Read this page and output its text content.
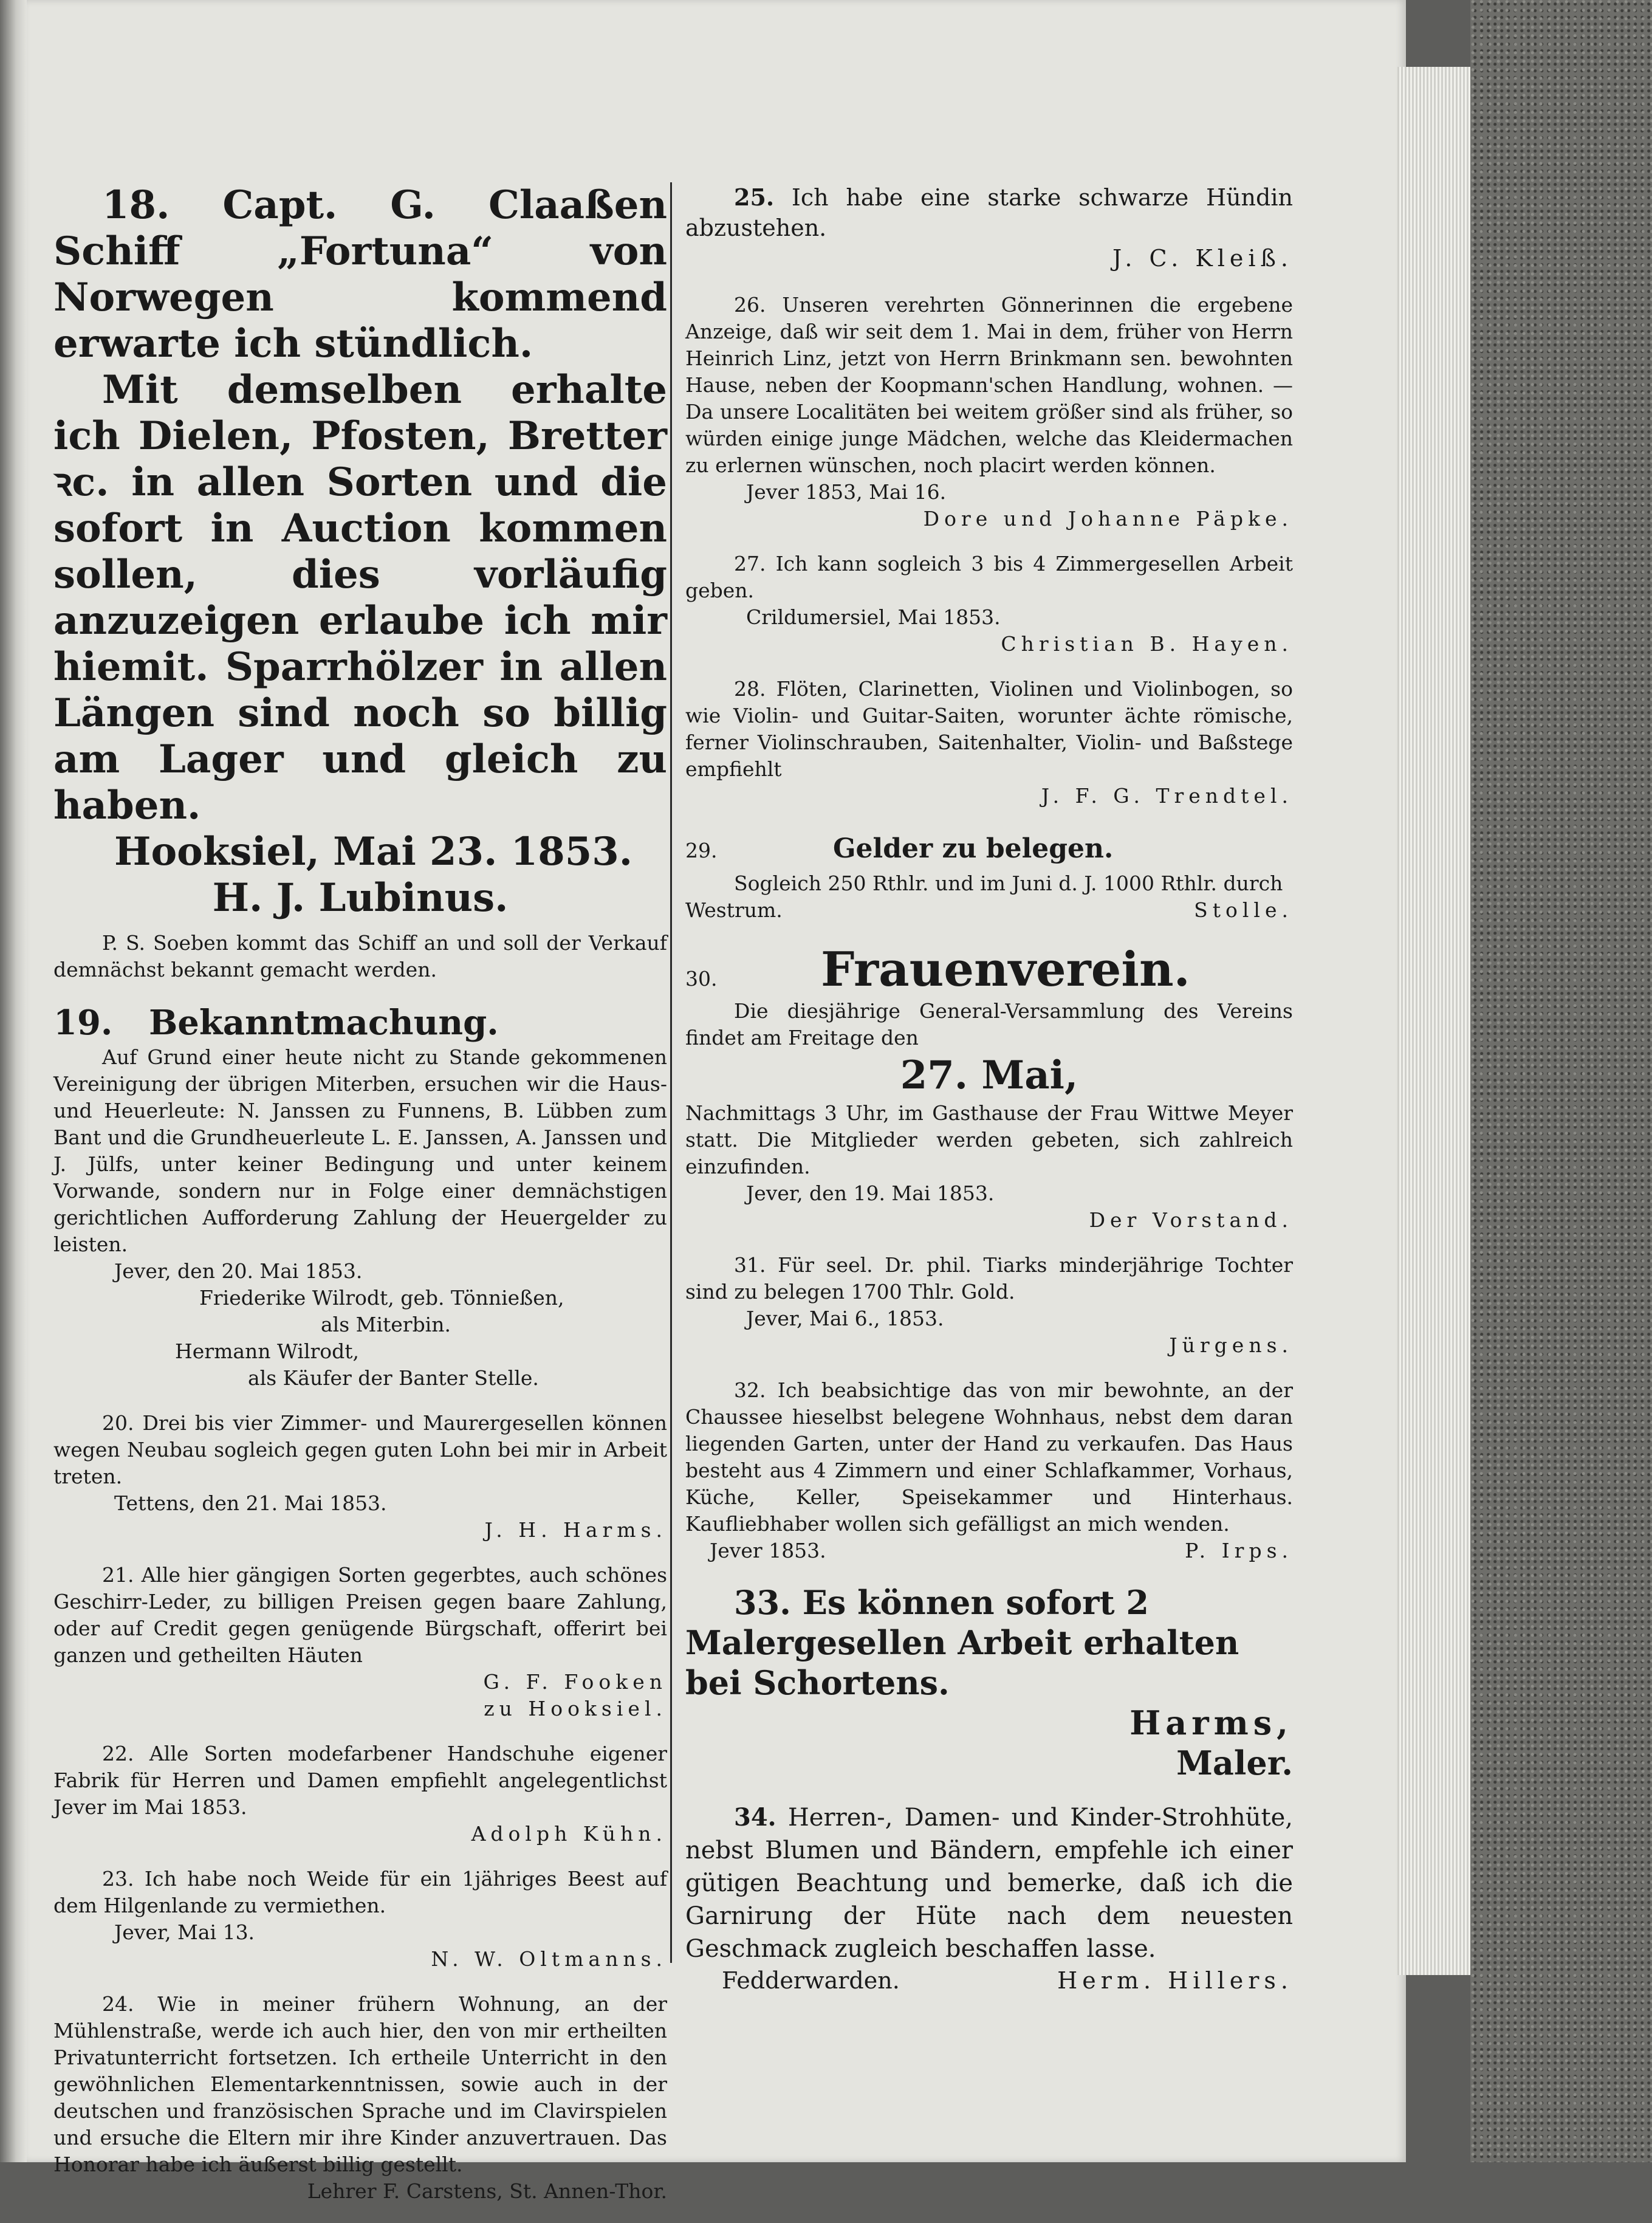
18. Capt. G. Claaßen Schiff „Fortuna“ von Norwegen kommend erwarte ich stündlich.

Mit demselben erhalte ich Dielen, Pfosten, Bretter ꝛc. in allen Sorten und die sofort in Auction kommen sollen, dies vorläufig anzuzeigen erlaube ich mir hiemit. Sparrhölzer in allen Längen sind noch so billig am Lager und gleich zu haben.

Hooksiel, Mai 23. 1853.

H. J. Lubinus.

P. S. Soeben kommt das Schiff an und soll der Verkauf demnächst bekannt gemacht werden.

19. Bekanntmachung.

Auf Grund einer heute nicht zu Stande gekommenen Vereinigung der übrigen Miterben, ersuchen wir die Haus- und Heuerleute: N. Janssen zu Funnens, B. Lübben zum Bant und die Grundheuerleute L. E. Janssen, A. Janssen und J. Jülfs, unter keiner Bedingung und unter keinem Vorwande, sondern nur in Folge einer demnächstigen gerichtlichen Aufforderung Zahlung der Heuergelder zu leisten.

Jever, den 20. Mai 1853.

Friederike Wilrodt, geb. Tönnießen,

als Miterbin.

Hermann Wilrodt,

als Käufer der Banter Stelle.

20. Drei bis vier Zimmer- und Maurergesellen können wegen Neubau sogleich gegen guten Lohn bei mir in Arbeit treten.

Tettens, den 21. Mai 1853.

J. H. Harms.

21. Alle hier gängigen Sorten gegerbtes, auch schönes Geschirr-Leder, zu billigen Preisen gegen baare Zahlung, oder auf Credit gegen genügende Bürgschaft, offerirt bei ganzen und getheilten Häuten

G. F. Fooken

zu Hooksiel.

22. Alle Sorten modefarbener Handschuhe eigener Fabrik für Herren und Damen empfiehlt angelegentlichst Jever im Mai 1853.

Adolph Kühn.

23. Ich habe noch Weide für ein 1jähriges Beest auf dem Hilgenlande zu vermiethen.

Jever, Mai 13.

N. W. Oltmanns.

24. Wie in meiner frühern Wohnung, an der Mühlenstraße, werde ich auch hier, den von mir ertheilten Privatunterricht fortsetzen. Ich ertheile Unterricht in den gewöhnlichen Elementarkenntnissen, sowie auch in der deutschen und französischen Sprache und im Clavirspielen und ersuche die Eltern mir ihre Kinder anzuvertrauen. Das Honorar habe ich äußerst billig gestellt.

Lehrer F. Carstens, St. Annen-Thor.

25. Ich habe eine starke schwarze Hündin abzustehen.

J. C. Kleiß.

26. Unseren verehrten Gönnerinnen die ergebene Anzeige, daß wir seit dem 1. Mai in dem, früher von Herrn Heinrich Linz, jetzt von Herrn Brinkmann sen. bewohnten Hause, neben der Koopmann'schen Handlung, wohnen. — Da unsere Localitäten bei weitem größer sind als früher, so würden einige junge Mädchen, welche das Kleidermachen zu erlernen wünschen, noch placirt werden können.

Jever 1853, Mai 16.

Dore und Johanne Päpke.

27. Ich kann sogleich 3 bis 4 Zimmergesellen Arbeit geben.

Crildumersiel, Mai 1853.

Christian B. Hayen.

28. Flöten, Clarinetten, Violinen und Violinbogen, so wie Violin- und Guitar-Saiten, worunter ächte römische, ferner Violinschrauben, Saitenhalter, Violin- und Baßstege empfiehlt

J. F. G. Trendtel.

29.	Gelder zu belegen.

Sogleich 250 Rthlr. und im Juni d. J. 1000 Rthlr. durch

Westrum.	Stolle.

30. Frauenverein.

Die diesjährige General-Versammlung des Vereins findet am Freitage den

27. Mai,

Nachmittags 3 Uhr, im Gasthause der Frau Wittwe Meyer statt. Die Mitglieder werden gebeten, sich zahlreich einzufinden.

Jever, den 19. Mai 1853.

Der Vorstand.

31. Für seel. Dr. phil. Tiarks minderjährige Tochter sind zu belegen 1700 Thlr. Gold.

Jever, Mai 6., 1853.

Jürgens.

32. Ich beabsichtige das von mir bewohnte, an der Chaussee hieselbst belegene Wohnhaus, nebst dem daran liegenden Garten, unter der Hand zu verkaufen. Das Haus besteht aus 4 Zimmern und einer Schlafkammer, Vorhaus, Küche, Keller, Speisekammer und Hinterhaus. Kaufliebhaber wollen sich gefälligst an mich wenden.

Jever 1853.	P. Irps.

33. Es können sofort 2 Malergesellen Arbeit erhalten bei Schortens.

Harms,

Maler.

34. Herren-, Damen- und Kinder-Strohhüte, nebst Blumen und Bändern, empfehle ich einer gütigen Beachtung und bemerke, daß ich die Garnirung der Hüte nach dem neuesten Geschmack zugleich beschaffen lasse.

Fedderwarden.	Herm. Hillers.
